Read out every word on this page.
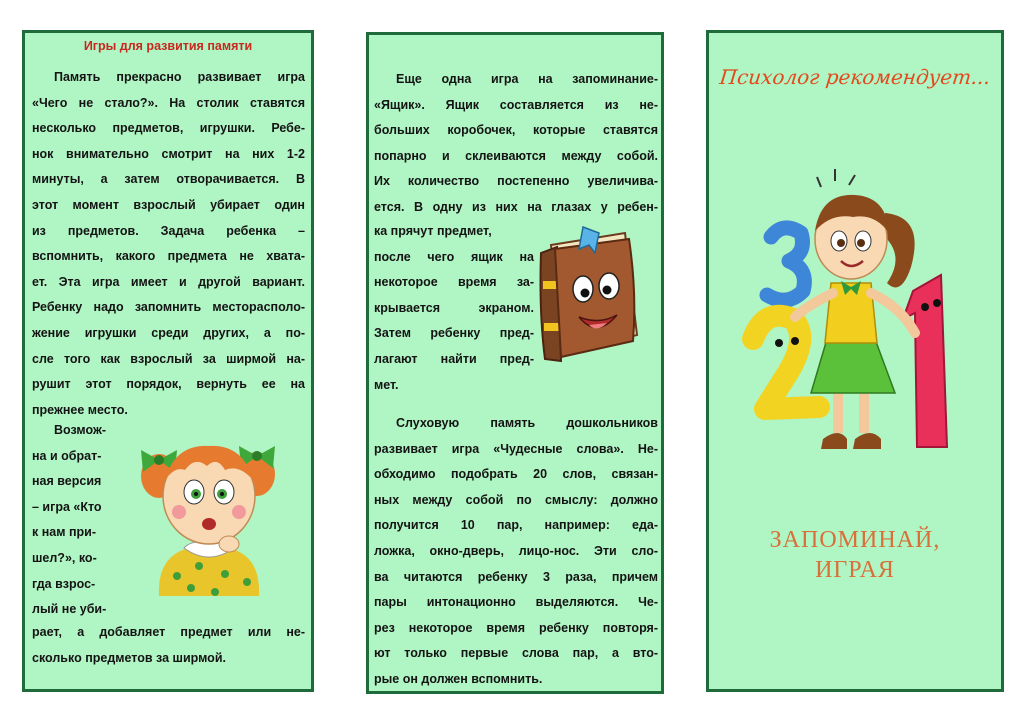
Игры для развития памяти
Память прекрасно развивает игра
«Чего не стало?». На столик ставятся
несколько предметов, игрушки. Ребе-
нок внимательно смотрит на них 1-2
минуты, а затем отворачивается. В
этот момент взрослый убирает один
из предметов. Задача ребенка –
вспомнить, какого предмета не хвата-
ет. Эта игра имеет и другой вариант.
Ребенку надо запомнить месторасполо-
жение игрушки среди других, а по-
сле того как взрослый за ширмой на-
рушит этот порядок, вернуть ее на
прежнее место.
Возмож-
на и обрат-
ная версия
– игра «Кто
к нам при-
шел?», ко-
гда взрос-
лый не уби-
рает, а добавляет предмет или не-
сколько предметов за ширмой.
Еще одна игра на запоминание-
«Ящик». Ящик составляется из не-
больших коробочек, которые ставятся
попарно и склеиваются между собой.
Их количество постепенно увеличива-
ется. В одну из них на глазах у ребен-
ка прячут предмет,
после чего ящик на
некоторое время за-
крывается экраном.
Затем ребенку пред-
лагают найти пред-
мет.
Слуховую память дошкольников
развивает игра «Чудесные слова». Не-
обходимо подобрать 20 слов, связан-
ных между собой по смыслу: должно
получится 10 пар, например: еда-
ложка, окно-дверь, лицо-нос. Эти сло-
ва читаются ребенку 3 раза, причем
пары интонационно выделяются. Че-
рез некоторое время ребенку повторя-
ют только первые слова пар, а вто-
рые он должен вспомнить.
Психолог рекомендует...
ЗАПОМИНАЙ,
ИГРАЯ
